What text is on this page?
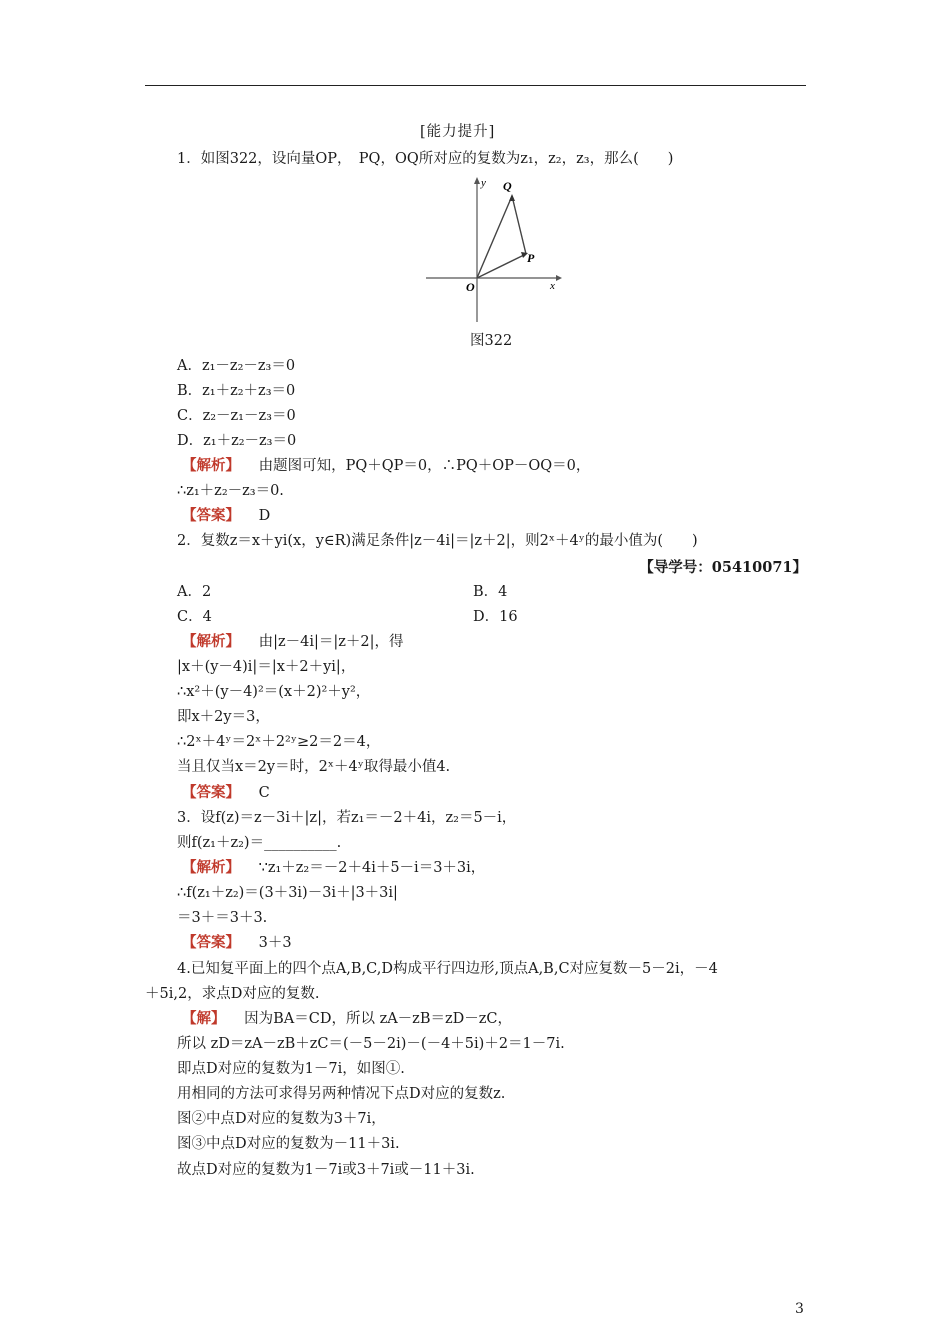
[能力提升]
1．如图322，设向量OP，　PQ，OQ所对应的复数为z₁，z₂，z₃，那么(　　)
x
y
O
P
Q
图322
A．z₁－z₂－z₃＝0
B．z₁＋z₂＋z₃＝0
C．z₂－z₁－z₃＝0
D．z₁＋z₂－z₃＝0
【解析】 由题图可知，PQ＋QP＝0，∴PQ＋OP－OQ＝0，
∴z₁＋z₂－z₃＝0.
【答案】 D
2．复数z＝x＋yi(x，y∈R)满足条件|z－4i|＝|z＋2|，则2ˣ＋4ʸ的最小值为(　　)
【导学号：05410071】
A．2	B．4
C．4	D．16
【解析】 由|z－4i|＝|z＋2|，得
|x＋(y－4)i|＝|x＋2＋yi|，
∴x²＋(y－4)²＝(x＋2)²＋y²，
即x＋2y＝3，
∴2ˣ＋4ʸ＝2ˣ＋2²ʸ≥2＝2＝4，
当且仅当x＝2y＝时，2ˣ＋4ʸ取得最小值4.
【答案】 C
3．设f(z)＝z－3i＋|z|，若z₁＝－2＋4i，z₂＝5－i，
则f(z₁＋z₂)＝__________.
【解析】 ∵z₁＋z₂＝－2＋4i＋5－i＝3＋3i，
∴f(z₁＋z₂)＝(3＋3i)－3i＋|3＋3i|
＝3＋＝3＋3.
【答案】 3＋3
4.已知复平面上的四个点A,B,C,D构成平行四边形,顶点A,B,C对应复数－5－2i，－4
＋5i,2，求点D对应的复数.
【解】 因为BA＝CD，所以 zA－zB＝zD－zC，
所以 zD＝zA－zB＋zC＝(－5－2i)－(－4＋5i)＋2＝1－7i.
即点D对应的复数为1－7i，如图①.
用相同的方法可求得另两种情况下点D对应的复数z.
图②中点D对应的复数为3＋7i，
图③中点D对应的复数为－11＋3i.
故点D对应的复数为1－7i或3＋7i或－11＋3i.
3
